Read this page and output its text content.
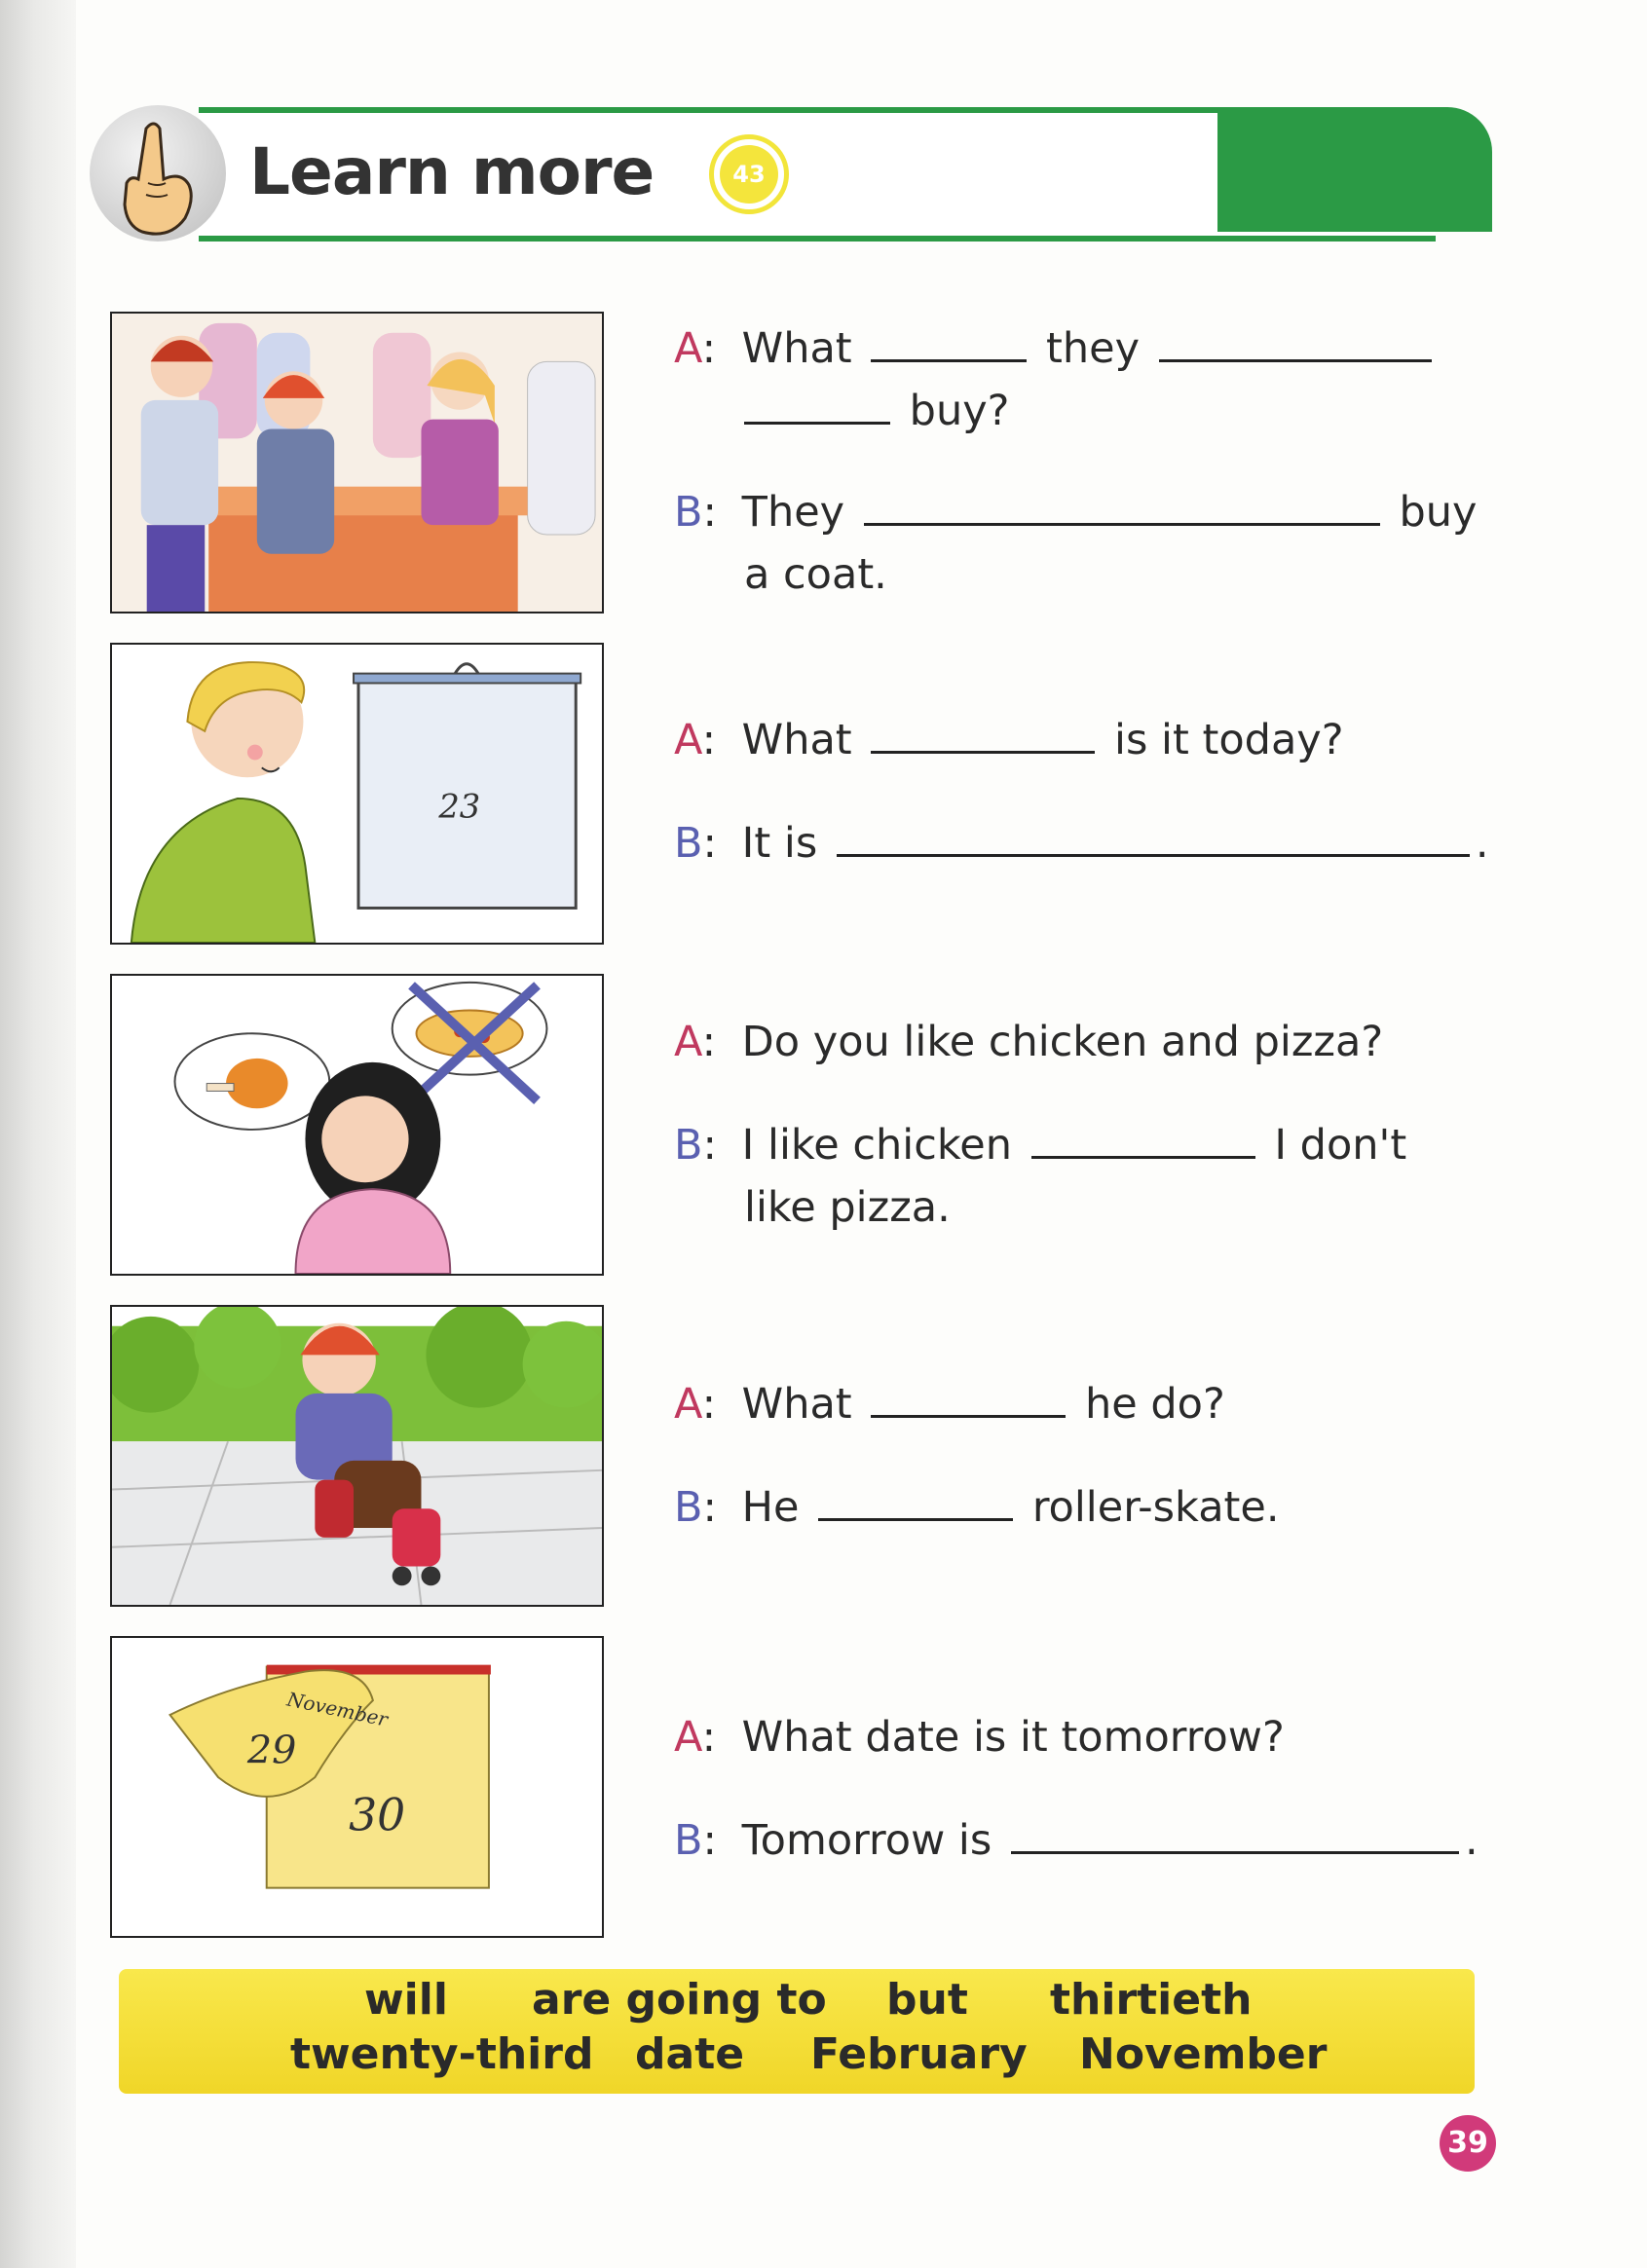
Learn more	43
23
November
29
30
A: What	they
buy?
B: They	buy
a coat.
A: What	is it today?
B: It is	.
A: Do you like chicken and pizza?
B: I like chicken	I don't
like pizza.
A: What	he do?
B: He	roller-skate.
A: What date is it tomorrow?
B: Tomorrow is	.
will are going to but thirtieth
twenty-third date February November
39
